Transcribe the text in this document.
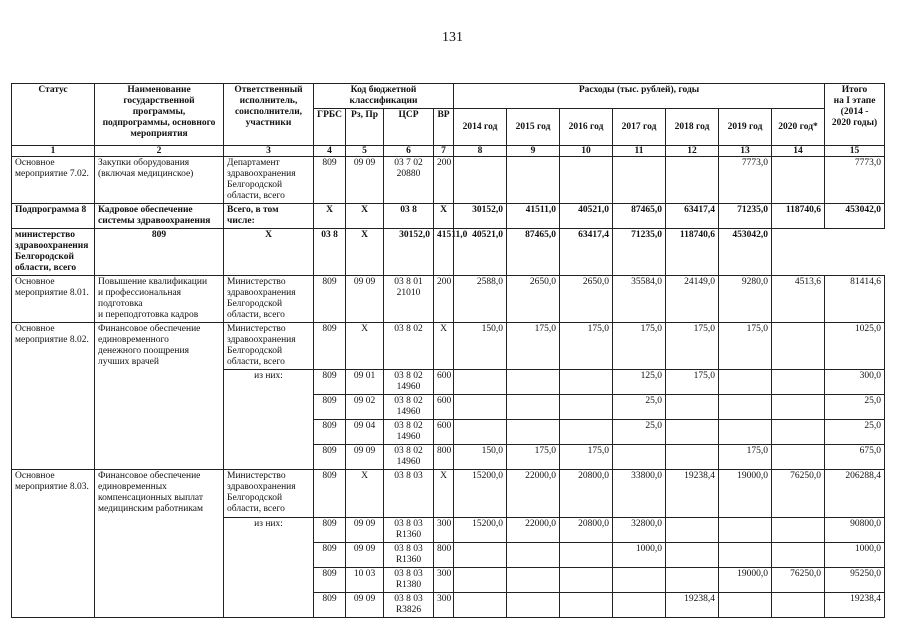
131
Статус	Наименование
государственной
программы,
подпрограммы, основного
мероприятия	Ответственный
исполнитель,
соисполнители,
участники	Код бюджетной
классификации				Расходы (тыс. рублей), годы							Итого
на I этапе
(2014 -
2020 годы)
			ГРБС	Рз, Пр	ЦСР	ВР	2014 год	2015 год	2016 год	2017 год	2018 год	2019 год	2020 год*	
1	2	3	4	5	6	7	8	9	10	11	12	13	14	15
Основное
мероприятие 7.02.	Закупки оборудования
(включая медицинское)	Департамент
здравоохранения
Белгородской
области, всего	809	09 09	03 7 02
20880	200						7773,0		7773,0
Подпрограмма 8	Кадровое обеспечение
системы здравоохранения	Всего, в том
числе:	X	X	03 8	X	30152,0	41511,0	40521,0	87465,0	63417,4	71235,0	118740,6	453042,0
министерство
здравоохранения
Белгородской
области, всего	809	X	03 8	X	30152,0	41511,0	40521,0	87465,0	63417,4	71235,0	118740,6	453042,0		
Основное
мероприятие 8.01.	Повышение квалификации
и профессиональная
подготовка
и переподготовка кадров	Министерство
здравоохранения
Белгородской
области, всего	809	09 09	03 8 01
21010	200	2588,0	2650,0	2650,0	35584,0	24149,0	9280,0	4513,6	81414,6
Основное
мероприятие 8.02.	Финансовое обеспечение
единовременного
денежного поощрения
лучших врачей	Министерство
здравоохранения
Белгородской
области, всего	809	X	03 8 02	X	150,0	175,0	175,0	175,0	175,0	175,0		1025,0
		из них:	809	09 01	03 8 02
14960	600				125,0	175,0			300,0
			809	09 02	03 8 02
14960	600				25,0				25,0
			809	09 04	03 8 02
14960	600				25,0				25,0
			809	09 09	03 8 02
14960	800	150,0	175,0	175,0			175,0		675,0
Основное
мероприятие 8.03.	Финансовое обеспечение
единовременных
компенсационных выплат
медицинским работникам	Министерство
здравоохранения
Белгородской
области, всего	809	X	03 8 03	X	15200,0	22000,0	20800,0	33800,0	19238,4	19000,0	76250,0	206288,4
		из них:	809	09 09	03 8 03
R1360	300	15200,0	22000,0	20800,0	32800,0				90800,0
			809	09 09	03 8 03
R1360	800				1000,0				1000,0
			809	10 03	03 8 03
R1380	300						19000,0	76250,0	95250,0
			809	09 09	03 8 03
R3826	300					19238,4			19238,4
